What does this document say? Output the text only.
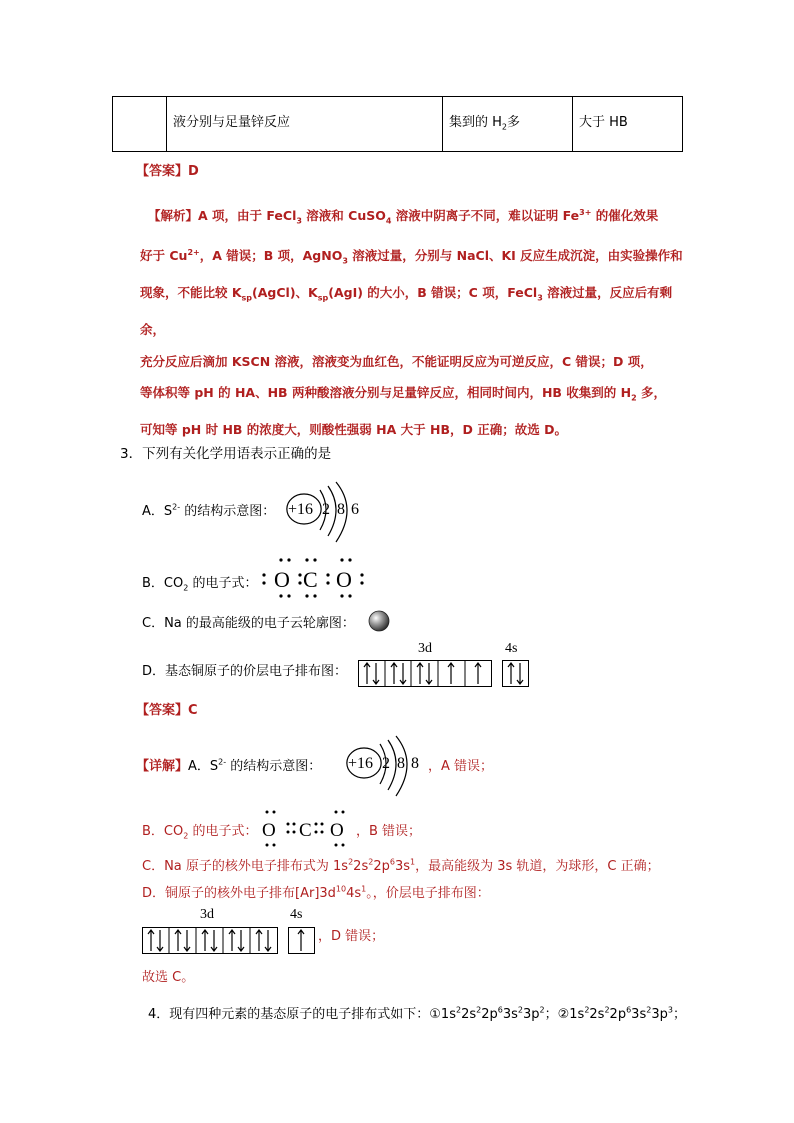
	液分别与足量锌反应	集到的 $H_2$多	大于 HB
【答案】D
【解析】A 项，由于 FeCl$_3$ 溶液和 CuSO$_4$ 溶液中阴离子不同，难以证明 $Fe^{3+}$ 的催化效果
好于 $Cu^{2+}$，A 错误；B 项，AgNO$_3$ 溶液过量，分别与 NaCl、KI 反应生成沉淀，由实验操作和
现象，不能比较 $K_{sp}(AgCl)$、$K_{sp}(AgI)$ 的大小，B 错误；C 项，FeCl$_3$ 溶液过量，反应后有剩余，
充分反应后滴加 KSCN 溶液，溶液变为血红色，不能证明反应为可逆反应，C 错误；D 项，
等体积等 pH 的 HA、HB 两种酸溶液分别与足量锌反应，相同时间内，HB 收集到的 $H_2$ 多，
可知等 pH 时 HB 的浓度大，则酸性强弱 HA 大于 HB，D 正确；故选 D。
3．下列有关化学用语表示正确的是
A．$S^{2-}$ 的结构示意图： +16 2 8 6
B．$CO_2$ 的电子式： O C O
C．Na 的最高能级的电子云轮廓图：
D．基态铜原子的价层电子排布图：
3d	4s
【答案】C
【详解】A．$S^{2-}$ 的结构示意图： +16 2 8 8 ，A 错误；
B．$CO_2$ 的电子式： O C O ，B 错误；
C．Na 原子的核外电子排布式为 $1s^22s^22p^63s^1$，最高能级为 3s 轨道，为球形，C 正确；
D．铜原子的核外电子排布$[Ar]3d^{10}4s^1$。，价层电子排布图：
3d	4s
，D 错误；
故选 C。
4．现有四种元素的基态原子的电子排布式如下：$①1s^22s^22p^63s^23p^2$；$②1s^22s^22p^63s^23p^3$；
